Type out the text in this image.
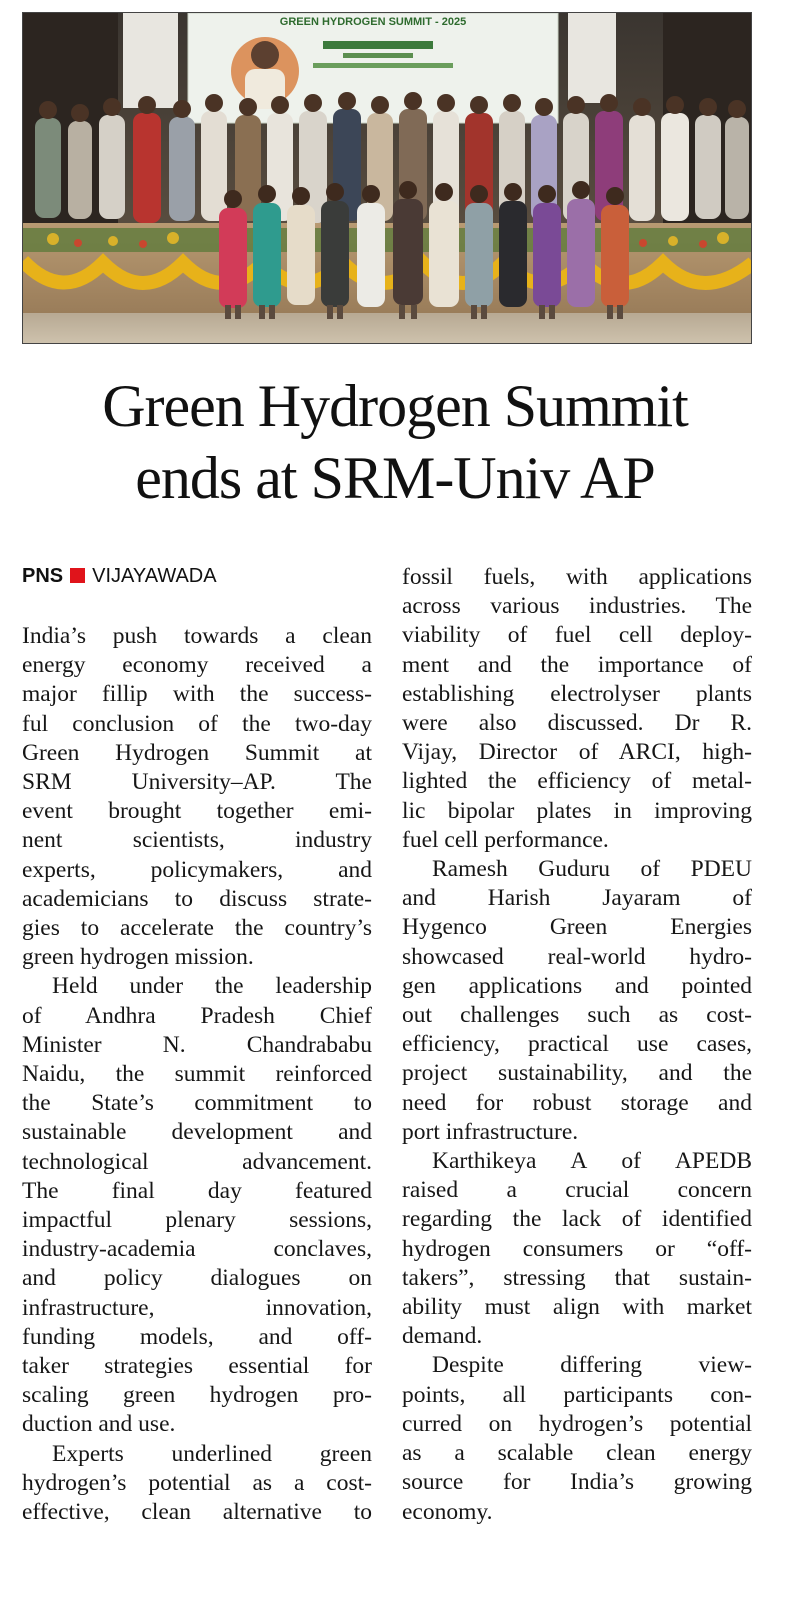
GREEN HYDROGEN SUMMIT - 2025
Green Hydrogen Summit
ends at SRM-Univ AP
PNS VIJAYAWADA
India’s push towards a clean
energy economy received a
major fillip with the success-
ful conclusion of the two-day
Green Hydrogen Summit at
SRM University–AP. The
event brought together emi-
nent scientists, industry
experts, policymakers, and
academicians to discuss strate-
gies to accelerate the country’s
green hydrogen mission.
Held under the leadership
of Andhra Pradesh Chief
Minister N. Chandrababu
Naidu, the summit reinforced
the State’s commitment to
sustainable development and
technological advancement.
The final day featured
impactful plenary sessions,
industry-academia conclaves,
and policy dialogues on
infrastructure, innovation,
funding models, and off-
taker strategies essential for
scaling green hydrogen pro-
duction and use.
Experts underlined green
hydrogen’s potential as a cost-
effective, clean alternative to
fossil fuels, with applications
across various industries. The
viability of fuel cell deploy-
ment and the importance of
establishing electrolyser plants
were also discussed. Dr R.
Vijay, Director of ARCI, high-
lighted the efficiency of metal-
lic bipolar plates in improving
fuel cell performance.
Ramesh Guduru of PDEU
and Harish Jayaram of
Hygenco Green Energies
showcased real-world hydro-
gen applications and pointed
out challenges such as cost-
efficiency, practical use cases,
project sustainability, and the
need for robust storage and
port infrastructure.
Karthikeya A of APEDB
raised a crucial concern
regarding the lack of identified
hydrogen consumers or “off-
takers”, stressing that sustain-
ability must align with market
demand.
Despite differing view-
points, all participants con-
curred on hydrogen’s potential
as a scalable clean energy
source for India’s growing
economy.
